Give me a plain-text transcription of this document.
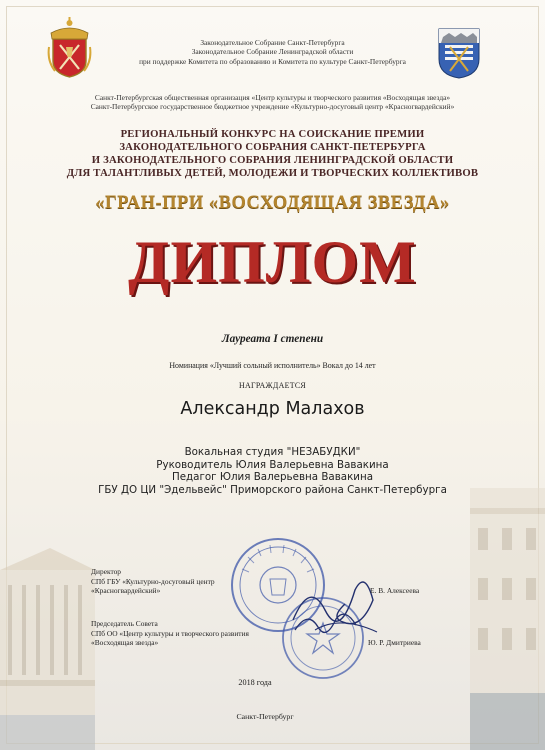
Законодательное Собрание Санкт-Петербурга
Законодательное Собрание Ленинградской области
при поддержке Комитета по образованию и Комитета по культуре Санкт-Петербурга
Санкт-Петербургская общественная организация «Центр культуры и творческого развития «Восходящая звезда»
Санкт-Петербургское государственное бюджетное учреждение «Культурно-досуговый центр «Красногвардейский»
РЕГИОНАЛЬНЫЙ КОНКУРС НА СОИСКАНИЕ ПРЕМИИ
ЗАКОНОДАТЕЛЬНОГО СОБРАНИЯ САНКТ-ПЕТЕРБУРГА
И ЗАКОНОДАТЕЛЬНОГО СОБРАНИЯ ЛЕНИНГРАДСКОЙ ОБЛАСТИ
ДЛЯ ТАЛАНТЛИВЫХ ДЕТЕЙ, МОЛОДЕЖИ И ТВОРЧЕСКИХ КОЛЛЕКТИВОВ
«ГРАН-ПРИ «ВОСХОДЯЩАЯ ЗВЕЗДА»
ДИПЛОМ
Лауреата I степени
Номинация «Лучший сольный исполнитель» Вокал до 14 лет
НАГРАЖДАЕТСЯ
Александр Малахов
Вокальная студия "НЕЗАБУДКИ"
Руководитель Юлия Валерьевна Вавакина
Педагог Юлия Валерьевна Вавакина
ГБУ ДО ЦИ "Эдельвейс" Приморского района Санкт-Петербурга
Директор
СПб ГБУ «Культурно-досуговый центр
«Красногвардейский»	Е. В. Алексеева
Председатель Совета
СПб ОО «Центр культуры и творческого развития
«Восходящая звезда»	Ю. Р. Дмитриева
2018 года
Санкт-Петербург
